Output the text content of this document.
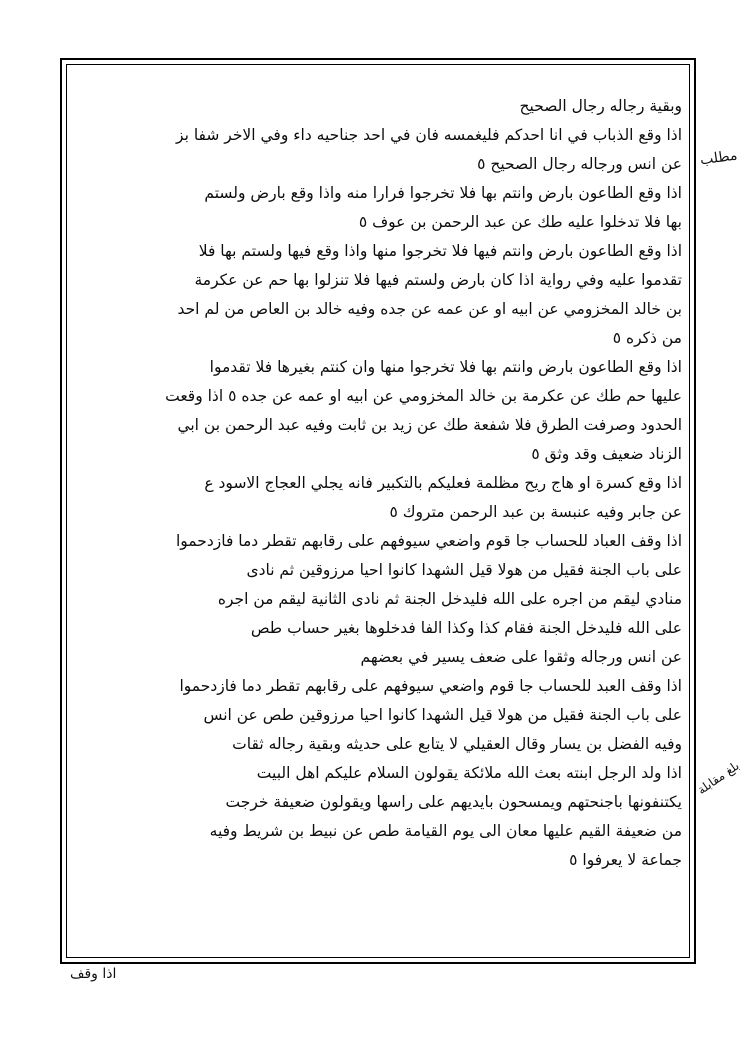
وبقية رجاله رجال الصحيح
اذا وقع الذباب في انا احدكم فليغمسه فان في احد جناحيه داء وفي الاخر شفا بز
عن انس ورجاله رجال الصحيح ٥
اذا وقع الطاعون بارض وانتم بها فلا تخرجوا فرارا منه واذا وقع بارض ولستم
بها فلا تدخلوا عليه طك عن عبد الرحمن بن عوف ٥
اذا وقع الطاعون بارض وانتم فيها فلا تخرجوا منها واذا وقع فيها ولستم بها فلا
تقدموا عليه وفي رواية اذا كان بارض ولستم فيها فلا تنزلوا بها حم عن عكرمة
بن خالد المخزومي عن ابيه او عن عمه عن جده وفيه خالد بن العاص من لم احد
من ذكره ٥
اذا وقع الطاعون بارض وانتم بها فلا تخرجوا منها وان كنتم بغيرها فلا تقدموا
عليها حم طك عن عكرمة بن خالد المخزومي عن ابيه او عمه عن جده ٥ اذا وقعت
الحدود وصرفت الطرق فلا شفعة طك عن زيد بن ثابت وفيه عبد الرحمن بن ابي
الزناد ضعيف وقد وثق ٥
اذا وقع كسرة او هاج ريح مظلمة فعليكم بالتكبير فانه يجلي العجاج الاسود ع
عن جابر وفيه عنبسة بن عبد الرحمن متروك ٥
اذا وقف العباد للحساب جا قوم واضعي سيوفهم على رقابهم تقطر دما فازدحموا
على باب الجنة فقيل من هولا قيل الشهدا كانوا احيا مرزوقين ثم نادى
منادي ليقم من اجره على الله فليدخل الجنة ثم نادى الثانية ليقم من اجره
على الله فليدخل الجنة فقام كذا وكذا الفا فدخلوها بغير حساب طص
عن انس ورجاله وثقوا على ضعف يسير في بعضهم
اذا وقف العبد للحساب جا قوم واضعي سيوفهم على رقابهم تقطر دما فازدحموا
على باب الجنة فقيل من هولا قيل الشهدا كانوا احيا مرزوقين طص عن انس
وفيه الفضل بن يسار وقال العقيلي لا يتابع على حديثه وبقية رجاله ثقات
اذا ولد الرجل ابنته بعث الله ملائكة يقولون السلام عليكم اهل البيت
يكتنفونها باجنحتهم ويمسحون بايديهم على راسها ويقولون ضعيفة خرجت
من ضعيفة القيم عليها معان الى يوم القيامة طص عن نبيط بن شريط وفيه
جماعة لا يعرفوا ٥
مطلب
بلغ مقابلة
اذا وقف
